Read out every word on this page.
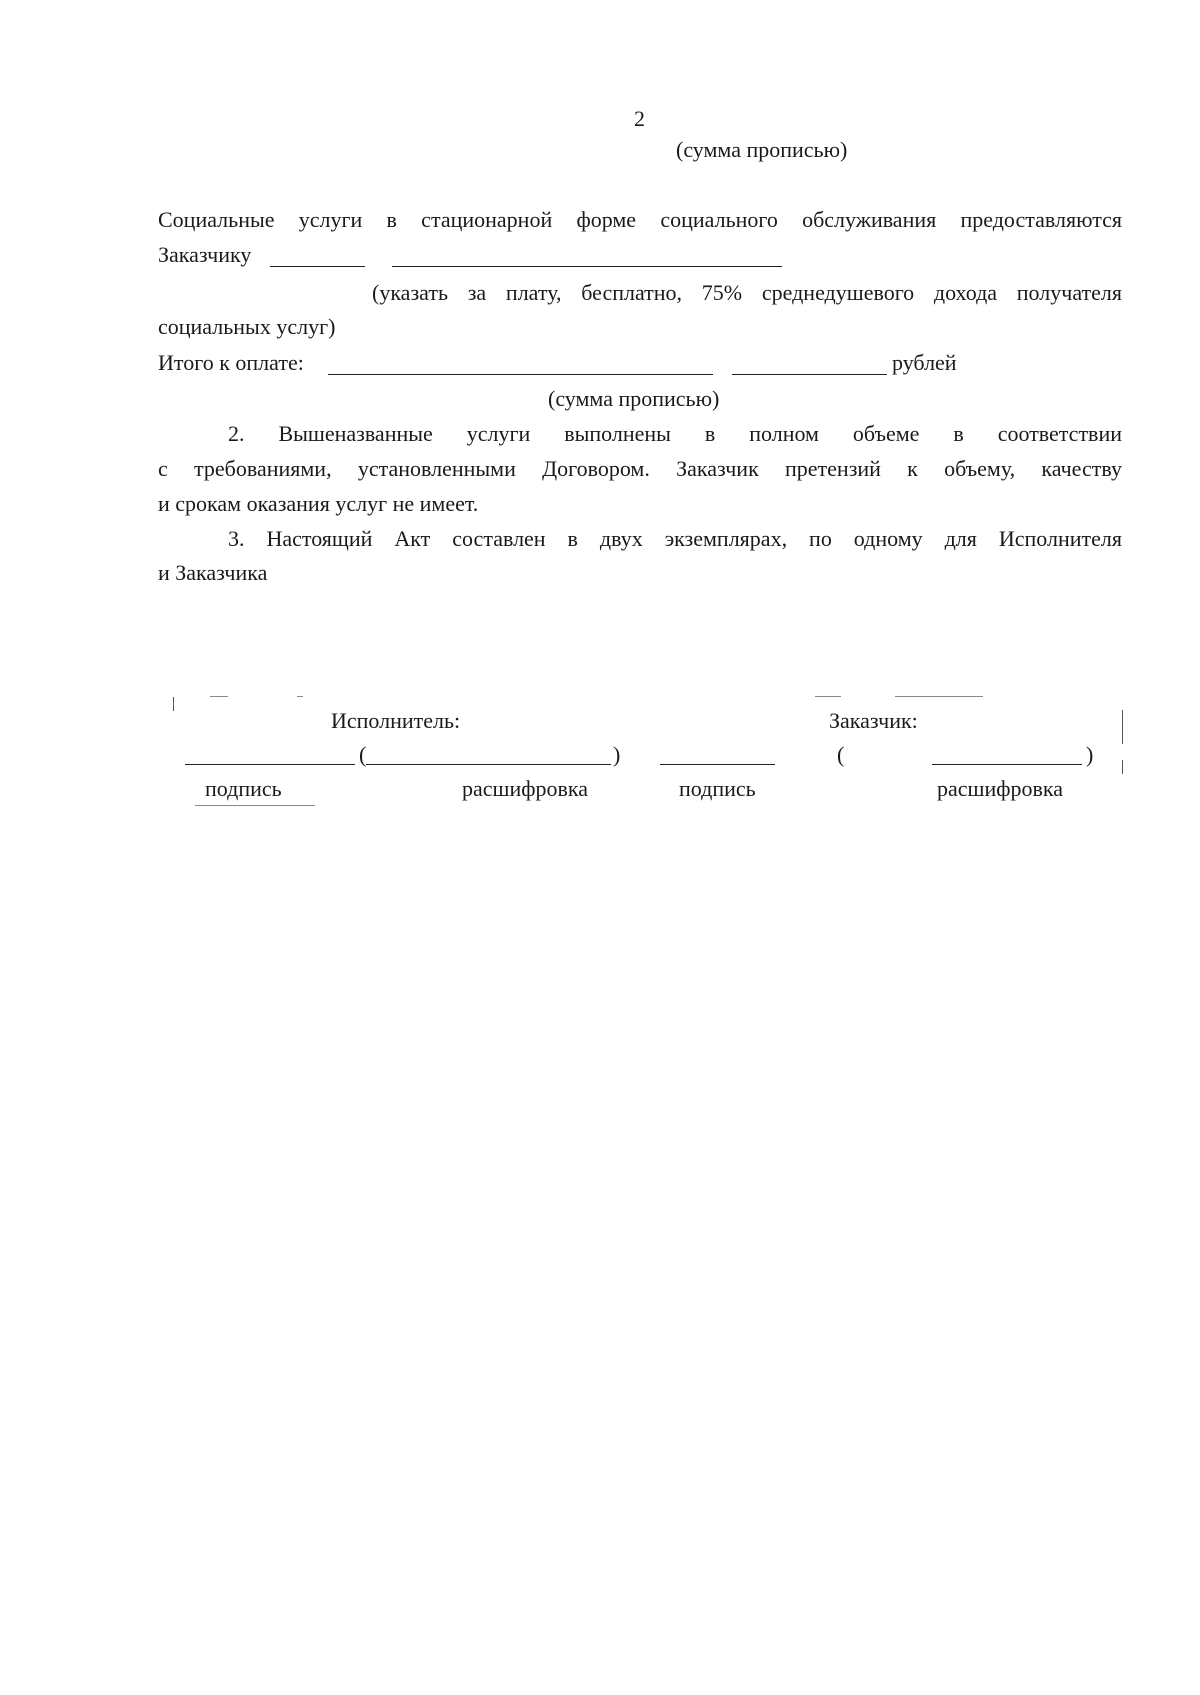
2
(сумма прописью)
Социальные услуги в стационарной форме социального обслуживания предоставляются
Заказчику
(указать за плату, бесплатно, 75% среднедушевого дохода получателя
социальных услуг)
Итого к оплате:	рублей
(сумма прописью)
2. Вышеназванные услуги выполнены в полном объеме в соответствии
с требованиями, установленными Договором. Заказчик претензий к объему, качеству
и срокам оказания услуг не имеет.
3. Настоящий Акт составлен в двух экземплярах, по одному для Исполнителя
и Заказчика
Исполнитель:
(	)
подпись	расшифровка
Заказчик:
(	)
подпись	расшифровка
